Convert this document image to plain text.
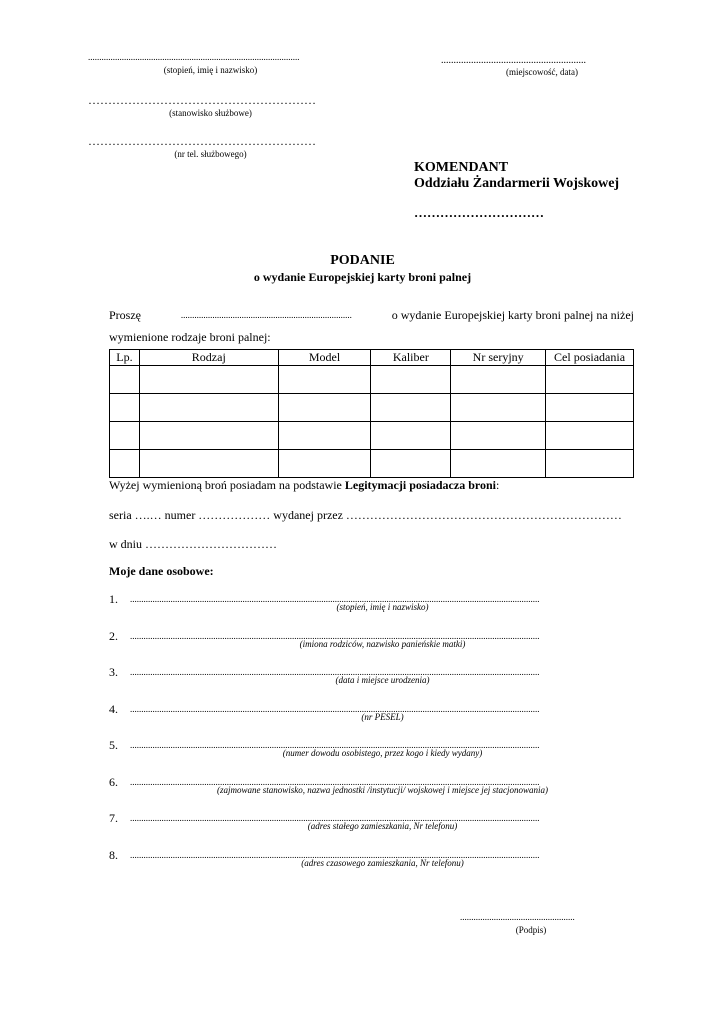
..............................................................................................
(stopień, imię i nazwisko)
…………………………………………………
(stanowisko służbowe)
…………………………………………………
(nr tel. służbowego)
..........................................................
(miejscowość, data)
KOMENDANT
Oddziału Żandarmerii Wojskowej
…………………………
PODANIE
o wydanie Europejskiej karty broni palnej
Proszę	............................................................................	o wydanie Europejskiej karty broni palnej na niżej
wymienione rodzaje broni palnej:
Lp.	Rodzaj	Model	Kaliber	Nr seryjny	Cel posiadania

Wyżej wymienioną broń posiadam na podstawie Legitymacji posiadacza broni:
seria ….… numer ……………… wydanej przez ……………………………………………………………
w dniu ……………………………
Moje dane osobowe:
1. ......................................................................................................................................................................................
(stopień, imię i nazwisko)
2. ......................................................................................................................................................................................
(imiona rodziców, nazwisko panieńskie matki)
3. ......................................................................................................................................................................................
(data i miejsce urodzenia)
4. ......................................................................................................................................................................................
(nr PESEL)
5. ......................................................................................................................................................................................
(numer dowodu osobistego, przez kogo i kiedy wydany)
6. ......................................................................................................................................................................................
(zajmowane stanowisko, nazwa jednostki /instytucji/ wojskowej i miejsce jej stacjonowania)
7. ......................................................................................................................................................................................
(adres stałego zamieszkania, Nr telefonu)
8. ......................................................................................................................................................................................
(adres czasowego zamieszkania, Nr telefonu)
...................................................
(Podpis)
